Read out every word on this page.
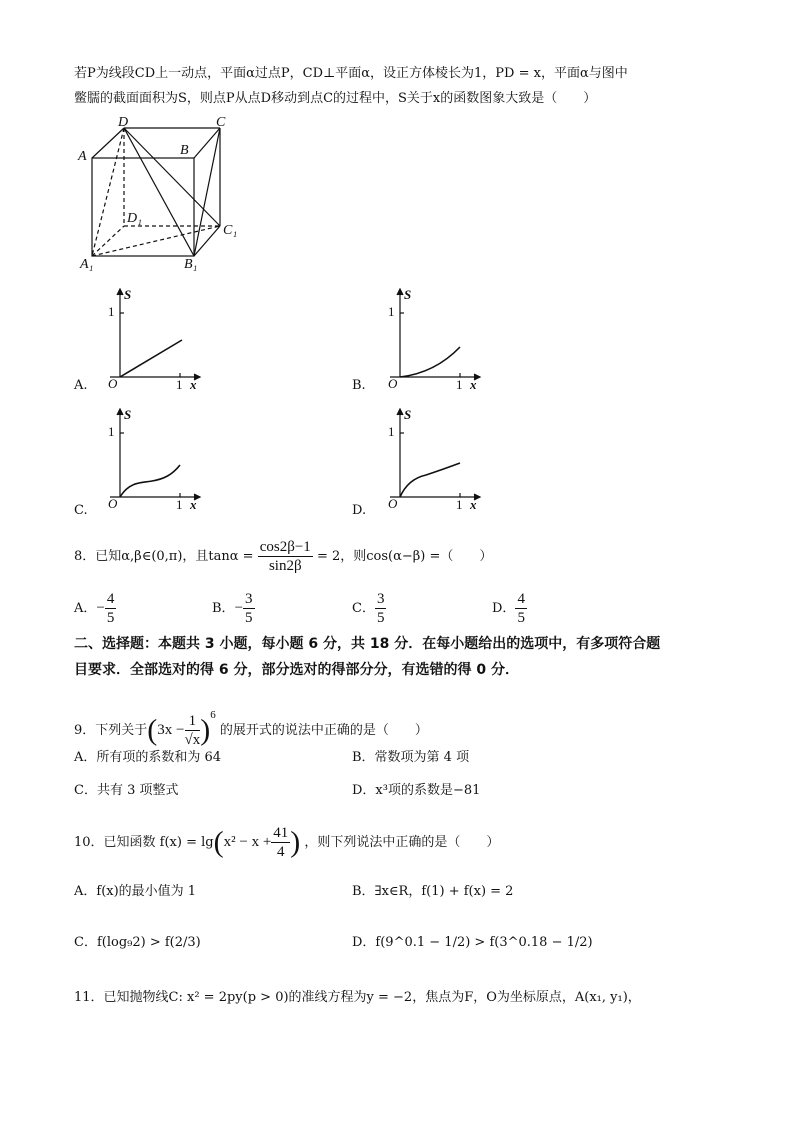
若P为线段CD上一动点，平面α过点P，CD⊥平面α，设正方体棱长为1，PD = x，平面α与图中
鳖臑的截面面积为S，则点P从点D移动到点C的过程中，S关于x的函数图象大致是（　　）
D	C
A	B
D₁
C₁
A₁	B₁
S
1
O	1 x
A.
S
1
O	1 x
B.
S
1
O	1 x
C.
S
1
O	1 x
D.
8．已知α,β∈(0,π)，且$\tan\alpha = \frac{\cos 2\beta-1}{\sin 2\beta} = 2$，则cos(α−β) =（　　）
A．− $\frac{4}{5}$	B．− $\frac{3}{5}$	C． $\frac{3}{5}$	D． $\frac{4}{5}$
二、选择题：本题共 3 小题，每小题 6 分，共 18 分．在每小题给出的选项中，有多项符合题
目要求．全部选对的得 6 分，部分选对的得部分分，有选错的得 0 分．
9．下列关于$(3x - \frac{1}{√x} )^6$ 的展开式的说法中正确的是（　　）
A．所有项的系数和为 64	B．常数项为第 4 项
C．共有 3 项整式	D．x³项的系数是−81
10．已知函数 $f(x) = \lg(x^2 - x + \frac{41}{4}$ ) ，则下列说法中正确的是（　　）
A．f(x)的最小值为 1	B．∃x∈R，f(1) + f(x) = 2
C．f(log₉2) > f(2/3)	D．f(9^0.1 − 1/2) > f(3^0.18 − 1/2)
11．已知抛物线C: x² = 2py(p > 0)的准线方程为y = −2，焦点为F，O为坐标原点，A(x₁, y₁)，
